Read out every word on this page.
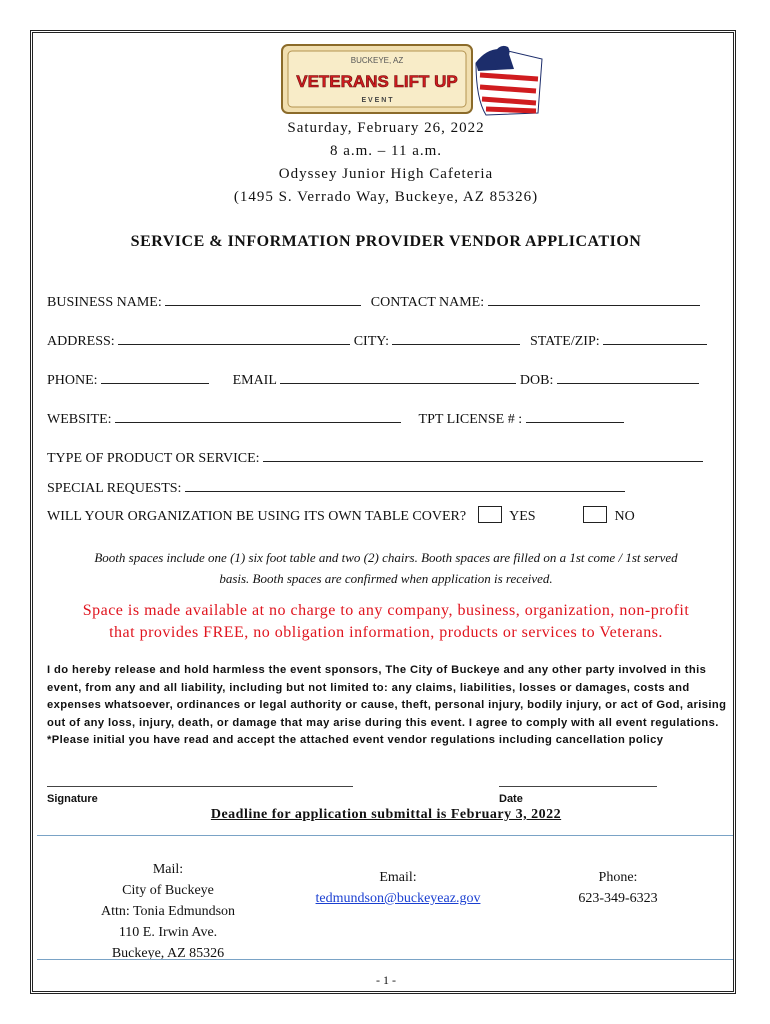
BUCKEYE, AZ
VETERANS LIFT UP
E V E N T
Saturday, February 26, 2022
8 a.m. – 11 a.m.
Odyssey Junior High Cafeteria
(1495 S. Verrado Way, Buckeye, AZ 85326)
SERVICE & INFORMATION PROVIDER VENDOR APPLICATION
BUSINESS NAME:	CONTACT NAME:
ADDRESS:	CITY:	STATE/ZIP:
PHONE:	EMAIL	DOB:
WEBSITE:	TPT LICENSE # :
TYPE OF PRODUCT OR SERVICE:
SPECIAL REQUESTS:
WILL YOUR ORGANIZATION BE USING ITS OWN TABLE COVER?	YES	NO
Booth spaces include one (1) six foot table and two (2) chairs. Booth spaces are filled on a 1st come / 1st served
basis. Booth spaces are confirmed when application is received.
Space is made available at no charge to any company, business, organization, non-profit
that provides FREE, no obligation information, products or services to Veterans.
I do hereby release and hold harmless the event sponsors, The City of Buckeye and any other party involved in this event, from any and all liability, including but not limited to: any claims, liabilities, losses or damages, costs and expenses whatsoever, ordinances or legal authority or cause, theft, personal injury, bodily injury, or act of God, arising out of any loss, injury, death, or damage that may arise during this event. I agree to comply with all event regulations. *Please initial you have read and accept the attached event vendor regulations including cancellation policy
Signature	Date
Deadline for application submittal is February 3, 2022
Mail:
City of Buckeye
Attn: Tonia Edmundson
110 E. Irwin Ave.
Buckeye, AZ 85326
Email:
tedmundson@buckeyeaz.gov
Phone:
623-349-6323
- 1 -
